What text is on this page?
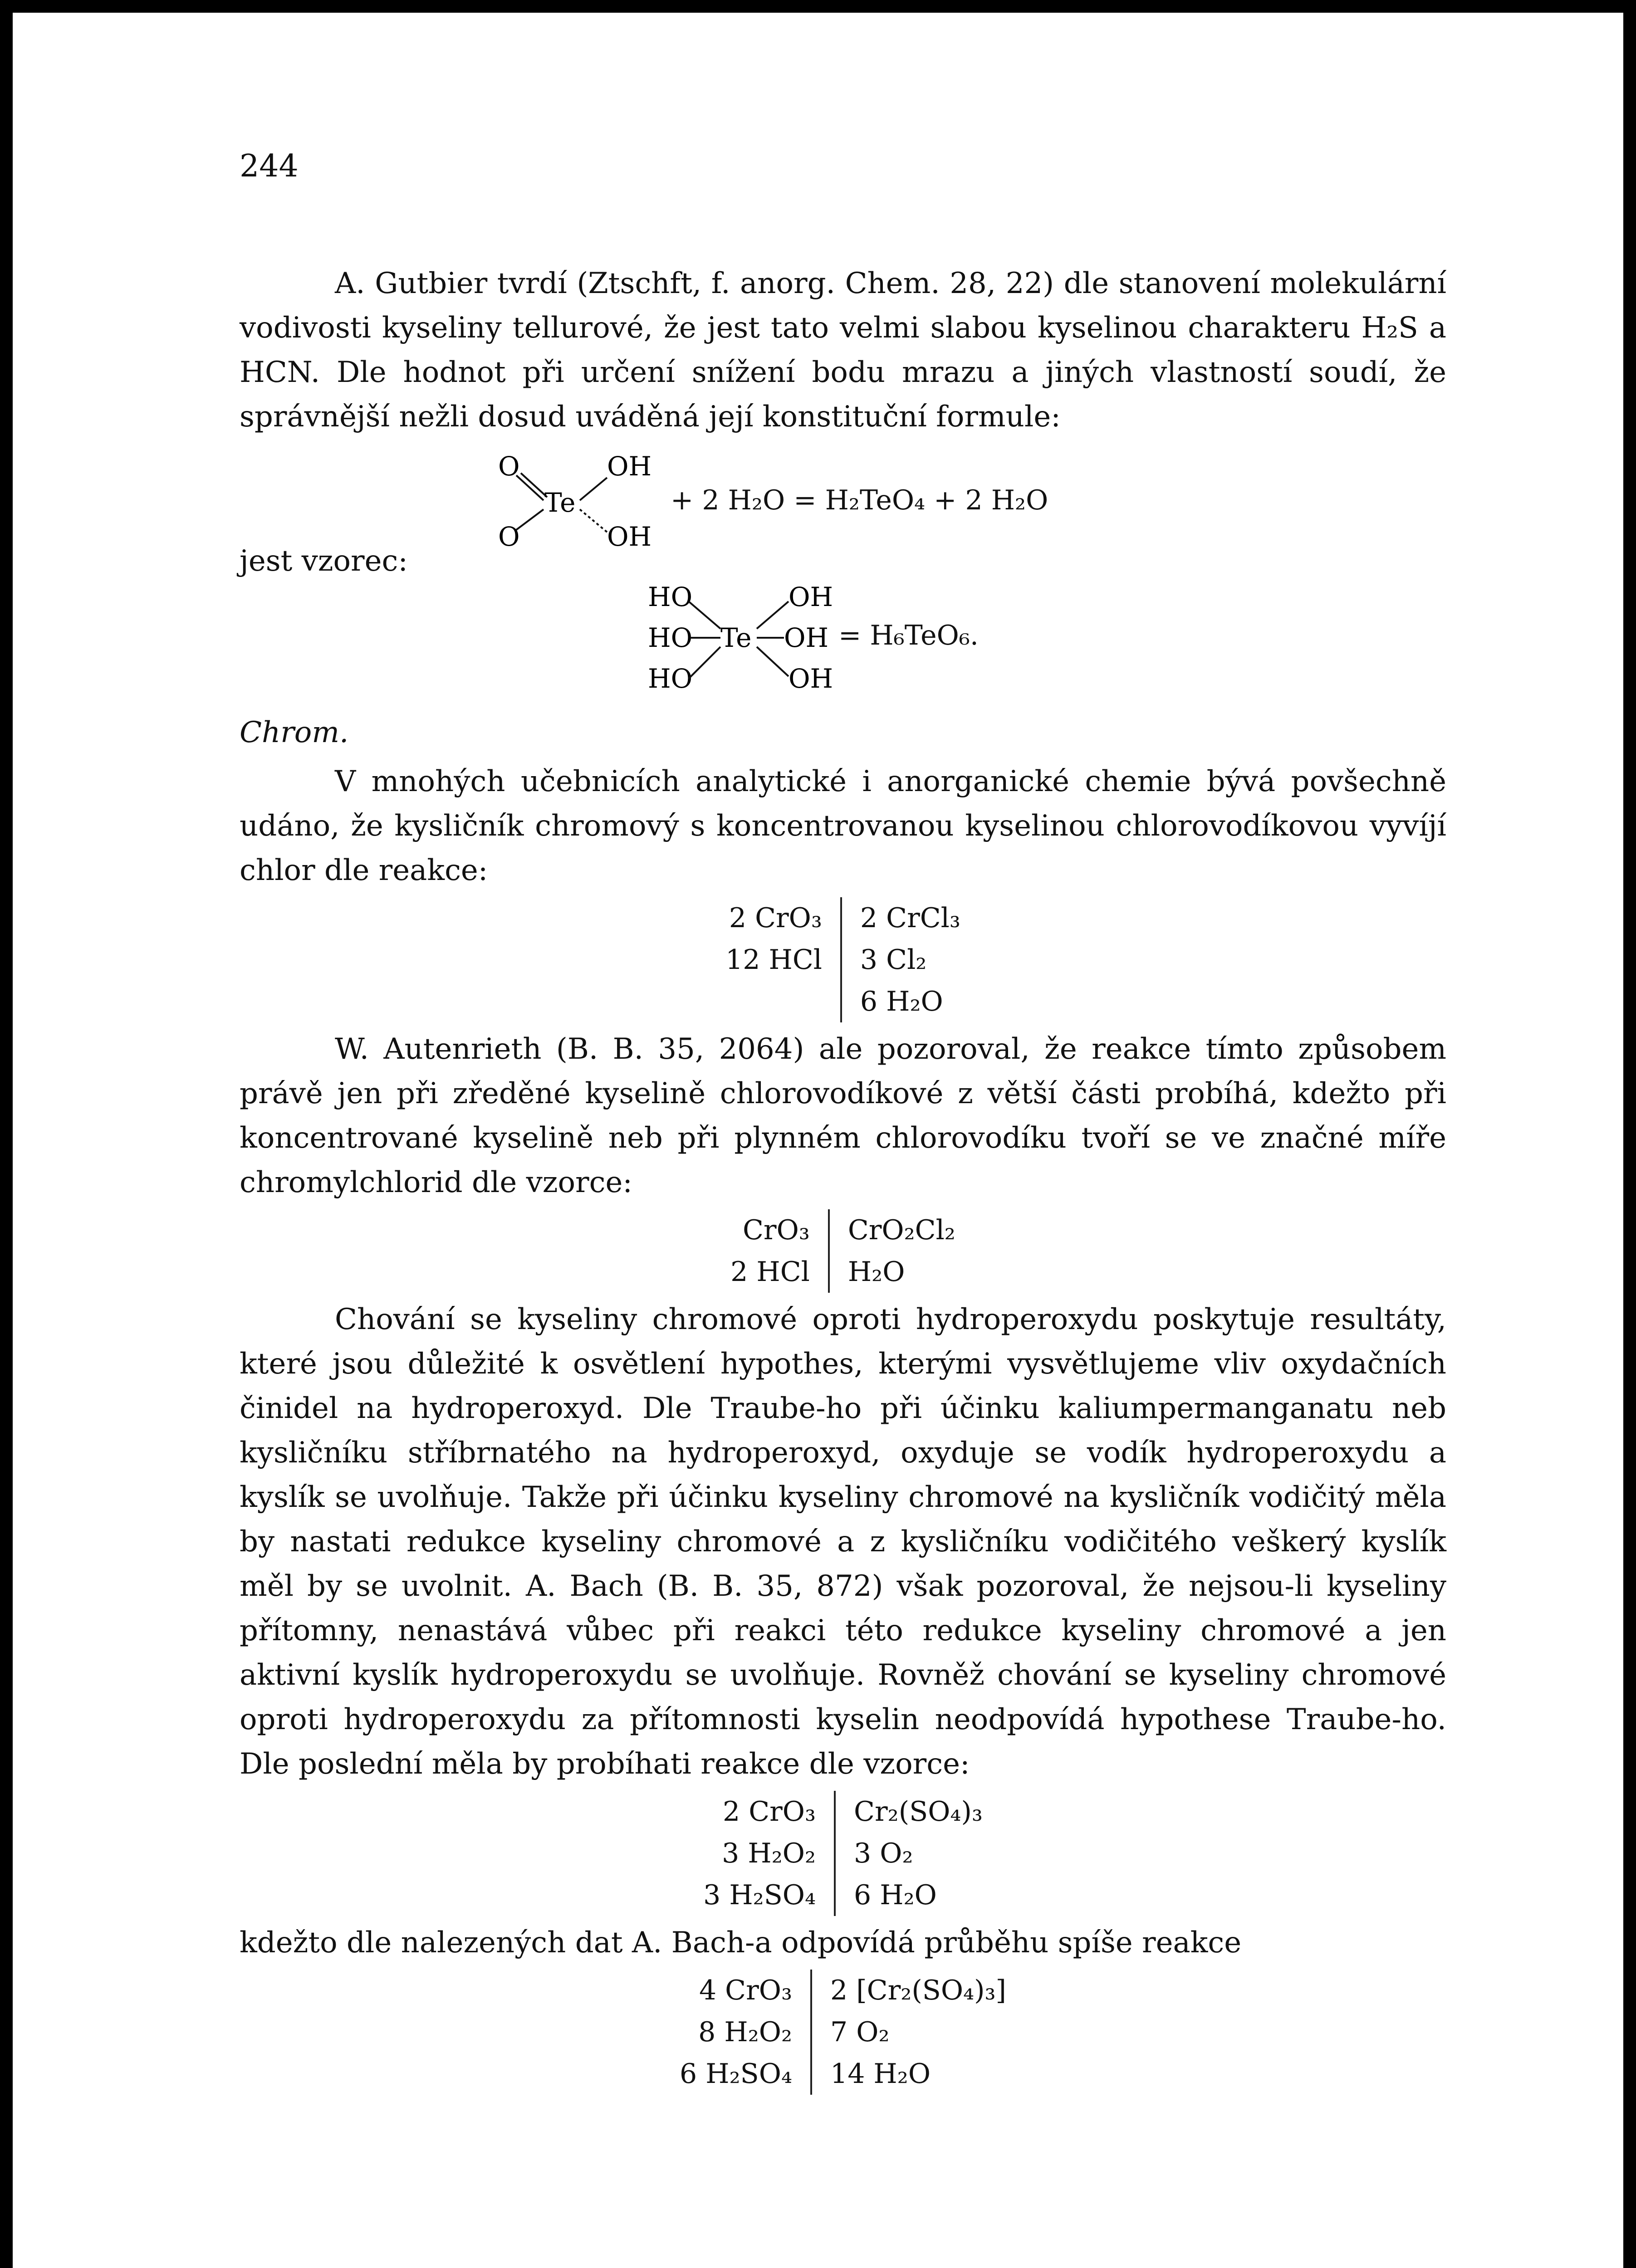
244

A. Gutbier tvrdí (Ztschft, f. anorg. Chem. 28, 22) dle stanovení molekulární vodivosti kyseliny tellurové, že jest tato velmi slabou kyselinou charakteru H₂S a HCN. Dle hodnot při určení snížení bodu mrazu a jiných vlastností soudí, že správnější nežli dosud uváděná její konstituční formule:

O
O
Te
OH
OH
+ 2 H₂O = H₂TeO₄ + 2 H₂O
jest vzorec:
HO
HO
HO
Te
OH
OH
OH
= H₆TeO₆.
Chrom.

V mnohých učebnicích analytické i anorganické chemie bývá povšechně udáno, že kysličník chromový s koncentrovanou kyselinou chlorovodíkovou vyvíjí chlor dle reakce:

2 CrO₃	2 CrCl₃
12 HCl	3 Cl₂
	6 H₂O

W. Autenrieth (B. B. 35, 2064) ale pozoroval, že reakce tímto způsobem právě jen při zředěné kyselině chlorovodíkové z větší části probíhá, kdežto při koncentrované kyselině neb při plynném chlorovodíku tvoří se ve značné míře chromylchlorid dle vzorce:

CrO₃	CrO₂Cl₂
2 HCl	H₂O

Chování se kyseliny chromové oproti hydroperoxydu poskytuje resultáty, které jsou důležité k osvětlení hypothes, kterými vysvětlujeme vliv oxydačních činidel na hydroperoxyd. Dle Traube-ho při účinku kaliumpermanganatu neb kysličníku stříbrnatého na hydroperoxyd, oxyduje se vodík hydroperoxydu a kyslík se uvolňuje. Takže při účinku kyseliny chromové na kysličník vodičitý měla by nastati redukce kyseliny chromové a z kysličníku vodičitého veškerý kyslík měl by se uvolnit. A. Bach (B. B. 35, 872) však pozoroval, že nejsou-li kyseliny přítomny, nenastává vůbec při reakci této redukce kyseliny chromové a jen aktivní kyslík hydroperoxydu se uvolňuje. Rovněž chování se kyseliny chromové oproti hydroperoxydu za přítomnosti kyselin neodpovídá hypothese Traube-ho. Dle poslední měla by probíhati reakce dle vzorce:

2 CrO₃	Cr₂(SO₄)₃
3 H₂O₂	3 O₂
3 H₂SO₄	6 H₂O

kdežto dle nalezených dat A. Bach-a odpovídá průběhu spíše reakce

4 CrO₃	2 [Cr₂(SO₄)₃]
8 H₂O₂	7 O₂
6 H₂SO₄	14 H₂O
